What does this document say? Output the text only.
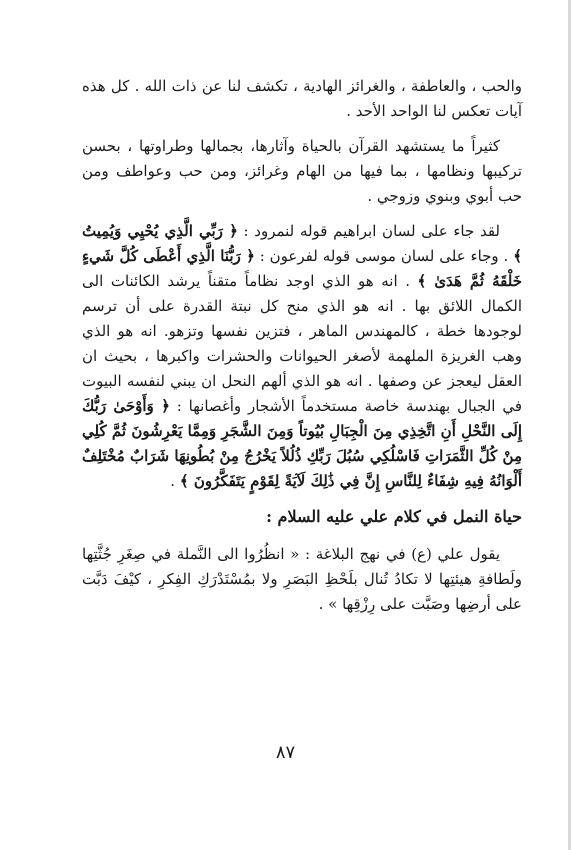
والحب ، والعاطفة ، والغرائز الهادية ، تكشف لنا عن ذات الله . كل هذه آيات تعكس لنا الواحد الأحد .

كثيراً ما يستشهد القرآن بالحياة وآثارها، بجمالها وطراوتها ، بحسن تركيبها ونظامها ، بما فيها من الهام وغرائز، ومن حب وعواطف ومن حب أبوي وبنوي وزوجي .

لقد جاء على لسان ابراهيم قوله لنمرود : ﴿ رَبِّي الَّذِي يُحْيِي وَيُمِيتُ ﴾ . وجاء على لسان موسى قوله لفرعون : ﴿ رَبُّنَا الَّذِي أَعْطَى كُلَّ شَيءٍ خَلْقَهُ ثُمَّ هَدَىٰ ﴾ . انه هو الذي اوجد نظاماً متقناً يرشد الكائنات الى الكمال اللائق بها . انه هو الذي منح كل نبتة القدرة على أن ترسم لوجودها خطة ، كالمهندس الماهر ، فتزين نفسها وتزهو. انه هو الذي وهب الغريزة الملهمة لأصغر الحيوانات والحشرات واكبرها ، بحيث ان العقل ليعجز عن وصفها . انه هو الذي ألهم النحل ان يبني لنفسه البيوت في الجبال بهندسة خاصة مستخدماً الأشجار وأغصانها : ﴿ وَأَوْحَىٰ رَبُّكَ إِلَى النَّحْلِ أَنِ اتَّخِذِي مِنَ الْجِبَالِ بُيُوتاً وَمِنَ الشَّجَرِ وَمِمَّا يَعْرِشُونَ ثُمَّ كُلِي مِنْ كُلِّ الثَّمَرَاتِ فَاسْلُكِي سُبُلَ رَبِّكِ ذُلُلاً يَخْرُجُ مِنْ بُطُونِهَا شَرَابٌ مُخْتَلِفٌ أَلْوَانُهُ فِيهِ شِفَاءٌ لِلنَّاسِ إِنَّ فِي ذَٰلِكَ لَآيَةً لِقَوْمٍ يَتَفَكَّرُونَ ﴾ .

حياة النمل في كلام علي عليه السلام :

يقول علي (ع) في نهج البلاغة : « انظُرُوا الى النَّملة في صِغَرِ جُثَّتِها ولَطافةِ هيئتِها لا تكادُ تُنال بلَحْظِ البَصَرِ ولا بمُسْتَدْرَكِ الفِكرِ ، كيْفَ دَبَّت على أرضِها وصَبَّت على رِزْقِها » .

٨٧
